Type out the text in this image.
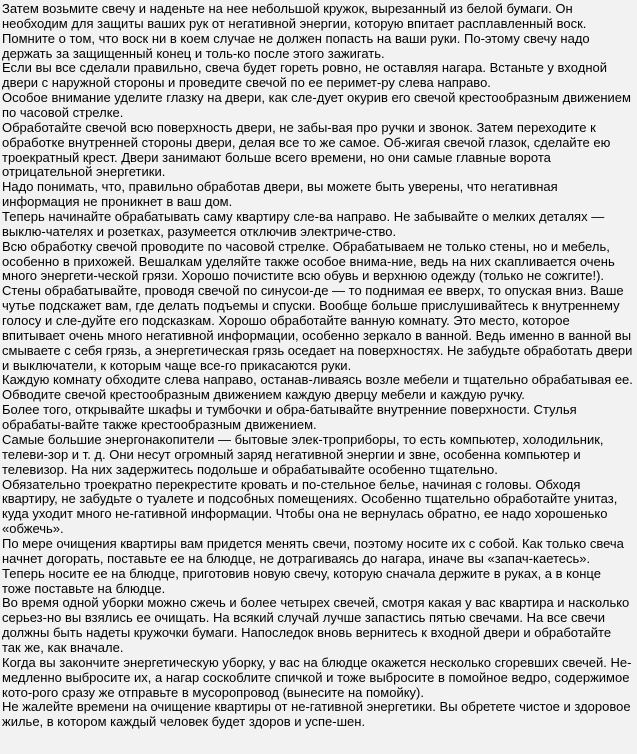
Затем возьмите свечу и наденьте на нее небольшой кружок, вырезанный из белой бумаги. Он необходим для защиты ваших рук от негативной энергии, которую впитает расплавленный воск. Помните о том, что воск ни в коем случае не должен попасть на ваши руки. По-этому свечу надо держать за защищенный конец и толь-ко после этого зажигать.

Если вы все сделали правильно, свеча будет гореть ровно, не оставляя нагара. Встаньте у входной двери с наружной стороны и проведите свечой по ее перимет-ру слева направо.

Особое внимание уделите глазку на двери, как сле-дует окурив его свечой крестообразным движением по часовой стрелке.

Обработайте свечой всю поверхность двери, не забы-вая про ручки и звонок. Затем переходите к обработке внутренней стороны двери, делая все то же самое. Об-жигая свечой глазок, сделайте ею троекратный крест. Двери занимают больше всего времени, но они самые главные ворота отрицательной энергетики.

Надо понимать, что, правильно обработав двери, вы можете быть уверены, что негативная информация не проникнет в ваш дом.

Теперь начинайте обрабатывать саму квартиру сле-ва направо. Не забывайте о мелких деталях — выклю-чателях и розетках, разумеется отключив электриче-ство.

Всю обработку свечой проводите по часовой стрелке. Обрабатываем не только стены, но и мебель, особенно в прихожей. Вешалкам уделяйте также особое внима-ние, ведь на них скапливается очень много энергети-ческой грязи. Хорошо почистите всю обувь и верхнюю одежду (только не сожгите!).

Стены обрабатывайте, проводя свечой по синусои-де — то поднимая ее вверх, то опуская вниз. Ваше чутье подскажет вам, где делать подъемы и спуски. Вообще больше прислушивайтесь к внутреннему голосу и сле-дуйте его подсказкам. Хорошо обработайте ванную комнату. Это место, которое впитывает очень много негативной информации, особенно зеркало в ванной. Ведь именно в ванной вы смываете с себя грязь, а энергетическая грязь оседает на поверхностях. Не забудьте обработать двери и выключатели, к которым чаще все-го прикасаются руки.

Каждую комнату обходите слева направо, останав-ливаясь возле мебели и тщательно обрабатывая ее.

Обводите свечой крестообразным движением каждую дверцу мебели и каждую ручку.

Более того, открывайте шкафы и тумбочки и обра-батывайте внутренние поверхности. Стулья обрабаты-вайте также крестообразным движением.

Самые большие энергонакопители — бытовые элек-троприборы, то есть компьютер, холодильник, телеви-зор и т. д. Они несут огромный заряд негативной энергии и звне, особенна компьютер и телевизор. На них задержитесь подольше и обрабатывайте особенно тщательно.

Обязательно троекратно перекрестите кровать и по-стельное белье, начиная с головы. Обходя квартиру, не забудьте о туалете и подсобных помещениях. Особенно тщательно обработайте унитаз, куда уходит много не-гативной информации. Чтобы она не вернулась обратно, ее надо хорошенько «обжечь».

По мере очищения квартиры вам придется менять свечи, поэтому носите их с собой. Как только свеча начнет догорать, поставьте ее на блюдце, не дотрагиваясь до нагара, иначе вы «запач-каетесь».

Теперь носите ее на блюдце, приготовив новую свечу, которую сначала держите в руках, а в конце тоже поставьте на блюдце.

Во время одной уборки можно сжечь и более четырех свечей, смотря какая у вас квартира и насколько серьез-но вы взялись ее очищать. На всякий случай лучше запастись пятью свечами. На все свечи должны быть надеты кружочки бумаги. Напоследок вновь вернитесь к входной двери и обработайте так же, как вначале.

Когда вы закончите энергетическую уборку, у вас на блюдце окажется несколько сгоревших свечей. Не-медленно выбросите их, а нагар соскоблите спичкой и тоже выбросите в помойное ведро, содержимое кото-рого сразу же отправьте в мусоропровод (вынесите на помойку).

Не жалейте времени на очищение квартиры от не-гативной энергетики. Вы обретете чистое и здоровое жилье, в котором каждый человек будет здоров и успе-шен.
